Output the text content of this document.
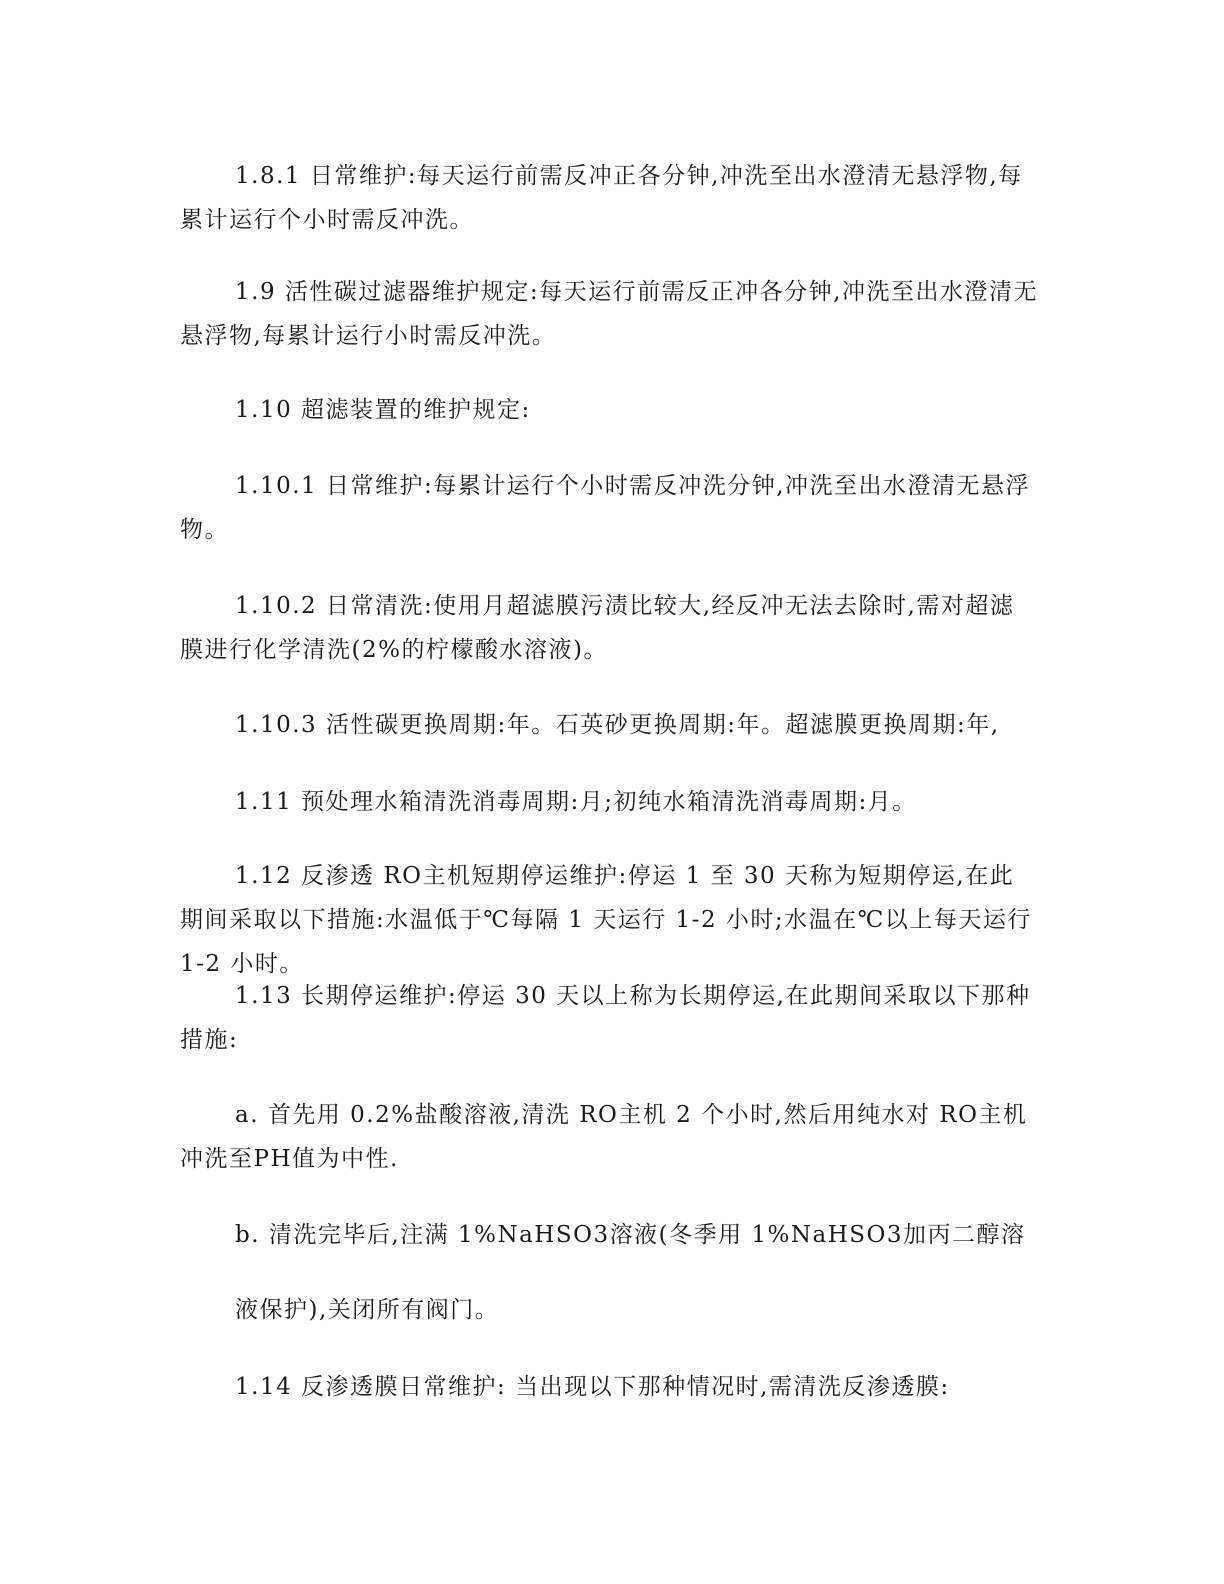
1.8.1 日常维护:每天运行前需反冲正各分钟,冲洗至出水澄清无悬浮物,每累计运行个小时需反冲洗。

1.9 活性碳过滤器维护规定:每天运行前需反正冲各分钟,冲洗至出水澄清无悬浮物,每累计运行小时需反冲洗。

1.10 超滤装置的维护规定:

1.10.1 日常维护:每累计运行个小时需反冲洗分钟,冲洗至出水澄清无悬浮物。

1.10.2 日常清洗:使用月超滤膜污渍比较大,经反冲无法去除时,需对超滤膜进行化学清洗(2%的柠檬酸水溶液)。

1.10.3 活性碳更换周期:年。石英砂更换周期:年。超滤膜更换周期:年,

1.11 预处理水箱清洗消毒周期:月;初纯水箱清洗消毒周期:月。

1.12 反渗透 RO主机短期停运维护:停运 1 至 30 天称为短期停运,在此期间采取以下措施:水温低于℃每隔 1 天运行 1-2 小时;水温在℃以上每天运行 1-2 小时。

1.13 长期停运维护:停运 30 天以上称为长期停运,在此期间采取以下那种措施:

a. 首先用 0.2%盐酸溶液,清洗 RO主机 2 个小时,然后用纯水对 RO主机冲洗至PH值为中性.

b. 清洗完毕后,注满 1%NaHSO3溶液(冬季用 1%NaHSO3加丙二醇溶

液保护),关闭所有阀门。

1.14 反渗透膜日常维护: 当出现以下那种情况时,需清洗反渗透膜:
